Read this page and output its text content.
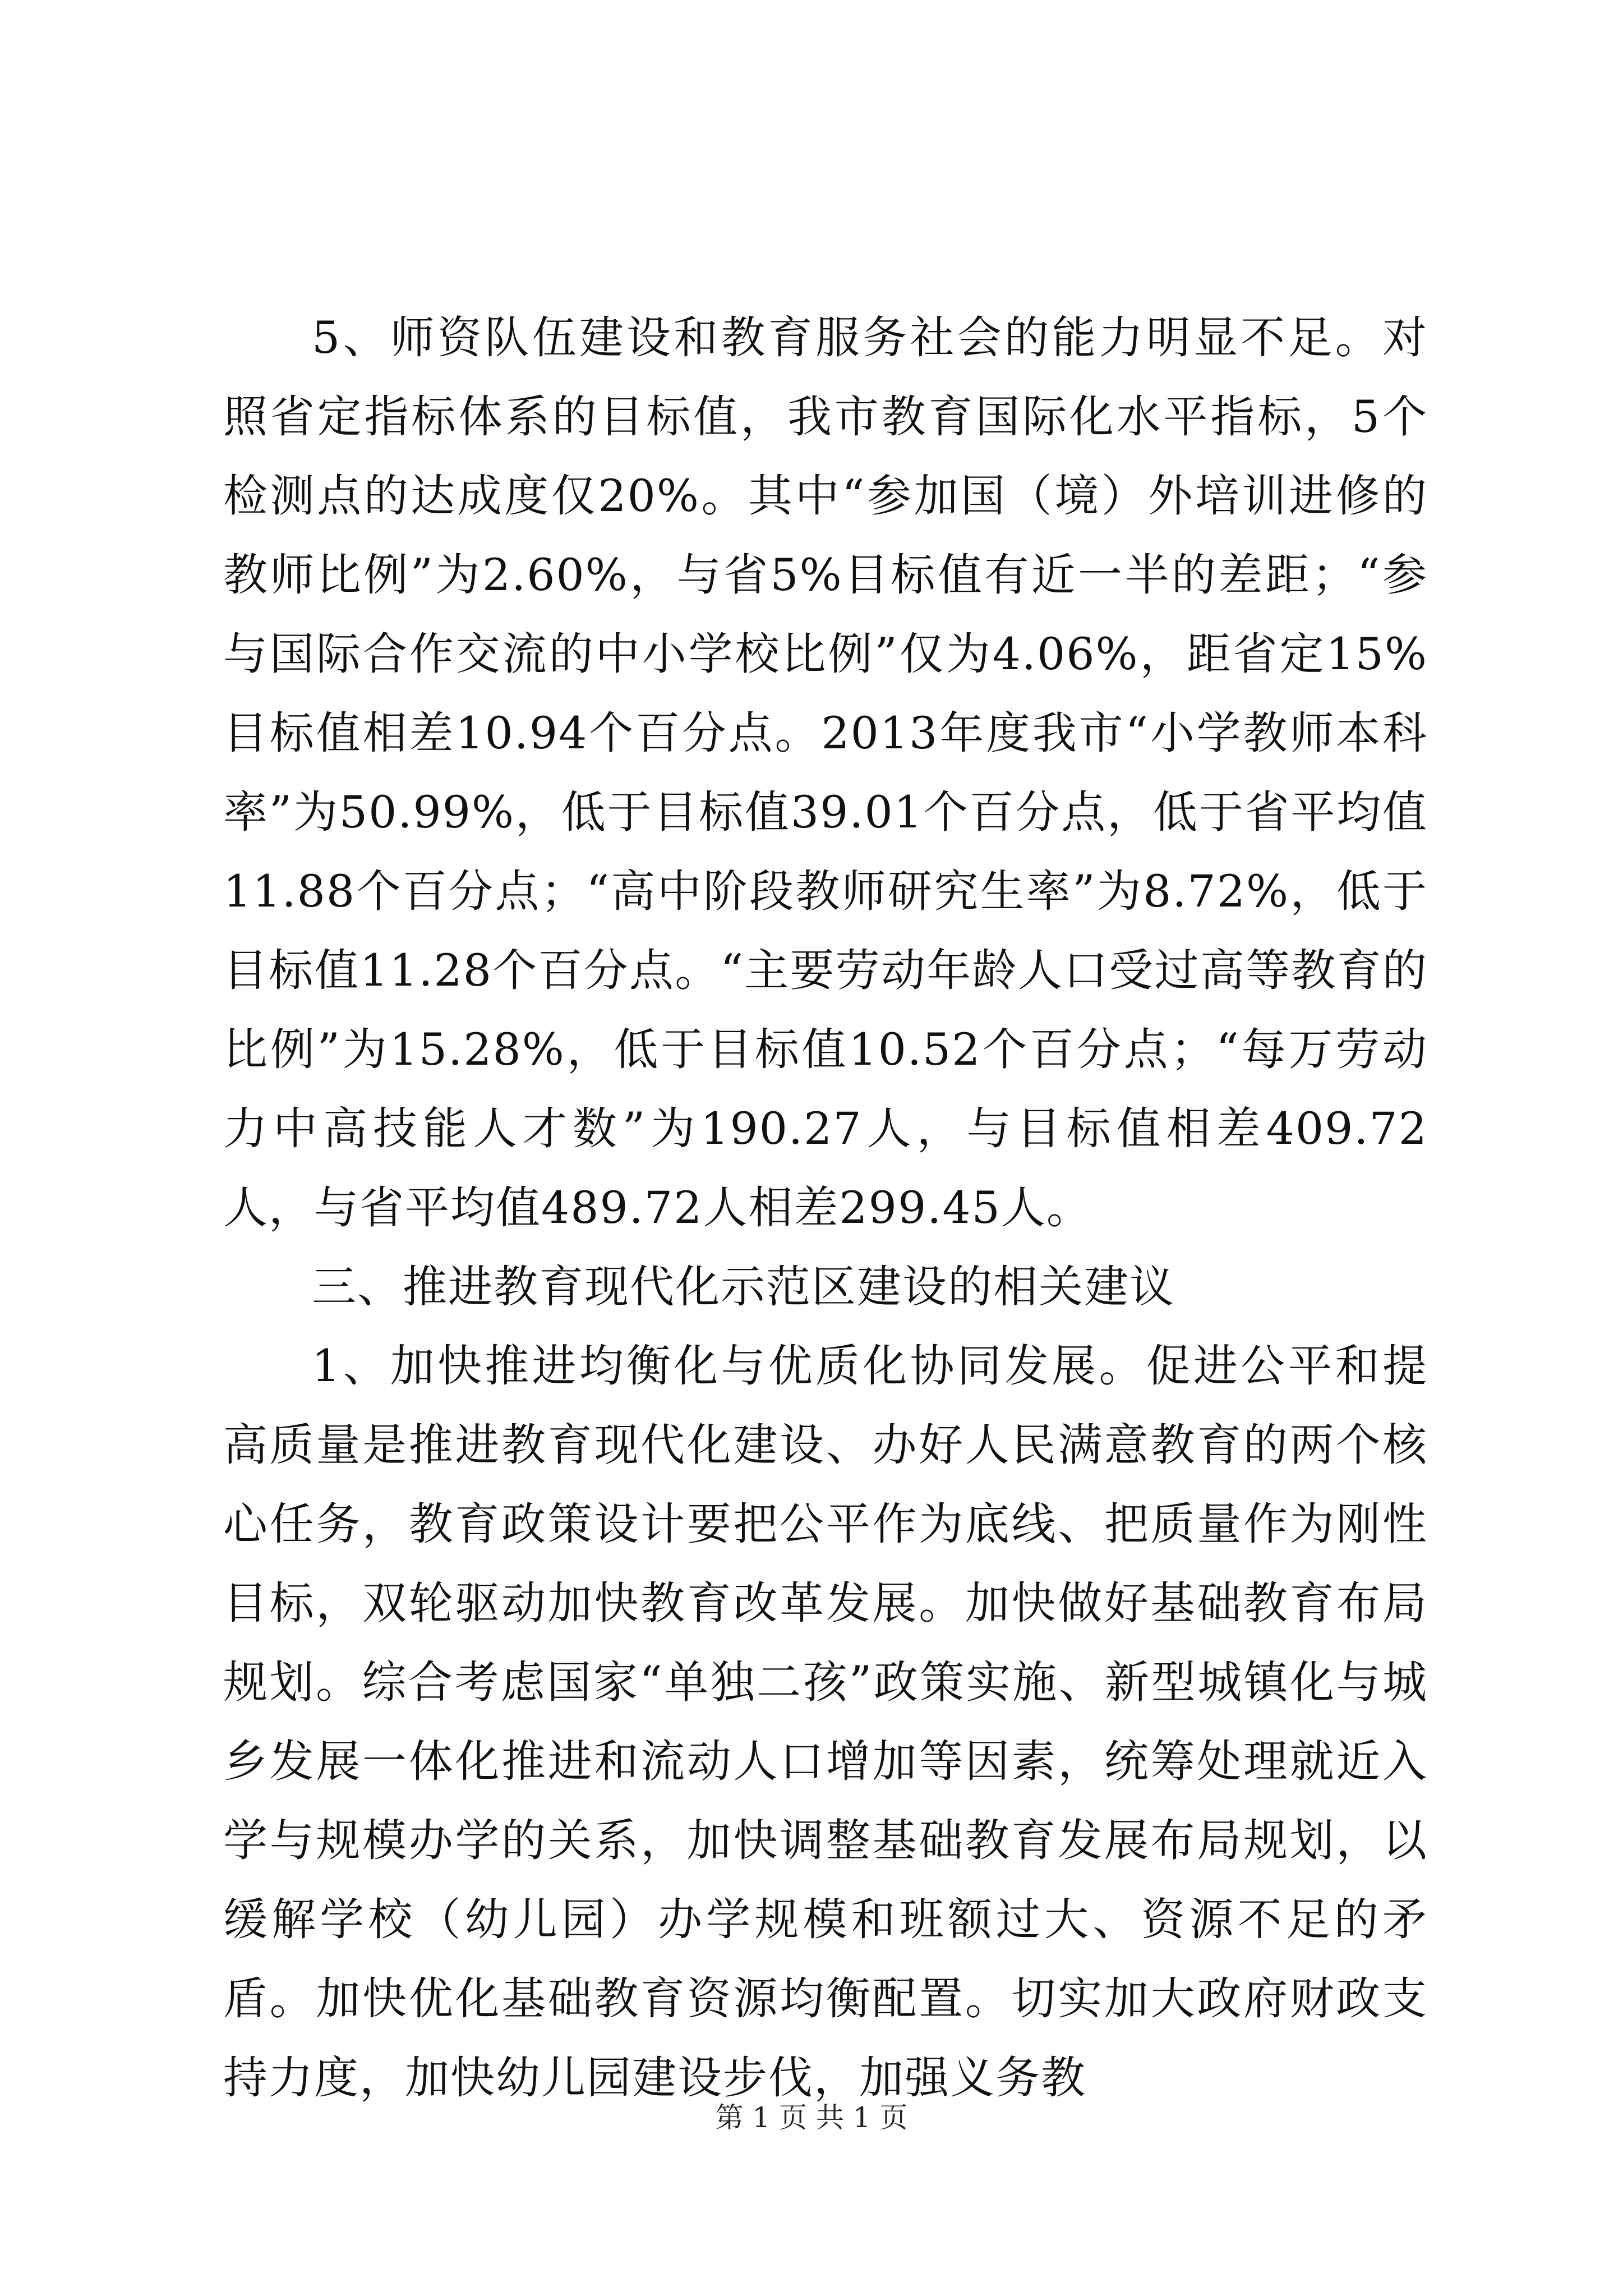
5、师资队伍建设和教育服务社会的能力明显不足。对照省定指标体系的目标值，我市教育国际化水平指标，5个检测点的达成度仅20%。其中“参加国（境）外培训进修的教师比例”为2.60%，与省5%目标值有近一半的差距；“参与国际合作交流的中小学校比例”仅为4.06%，距省定15%目标值相差10.94个百分点。2013年度我市“小学教师本科率”为50.99%，低于目标值39.01个百分点，低于省平均值11.88个百分点；“高中阶段教师研究生率”为8.72%，低于目标值11.28个百分点。“主要劳动年龄人口受过高等教育的比例”为15.28%，低于目标值10.52个百分点；“每万劳动力中高技能人才数”为190.27人，与目标值相差409.72人，与省平均值489.72人相差299.45人。

三、推进教育现代化示范区建设的相关建议

1、加快推进均衡化与优质化协同发展。促进公平和提高质量是推进教育现代化建设、办好人民满意教育的两个核心任务，教育政策设计要把公平作为底线、把质量作为刚性目标，双轮驱动加快教育改革发展。加快做好基础教育布局规划。综合考虑国家“单独二孩”政策实施、新型城镇化与城乡发展一体化推进和流动人口增加等因素，统筹处理就近入学与规模办学的关系，加快调整基础教育发展布局规划，以缓解学校（幼儿园）办学规模和班额过大、资源不足的矛盾。加快优化基础教育资源均衡配置。切实加大政府财政支持力度，加快幼儿园建设步伐，加强义务教

第 1 页 共 1 页
